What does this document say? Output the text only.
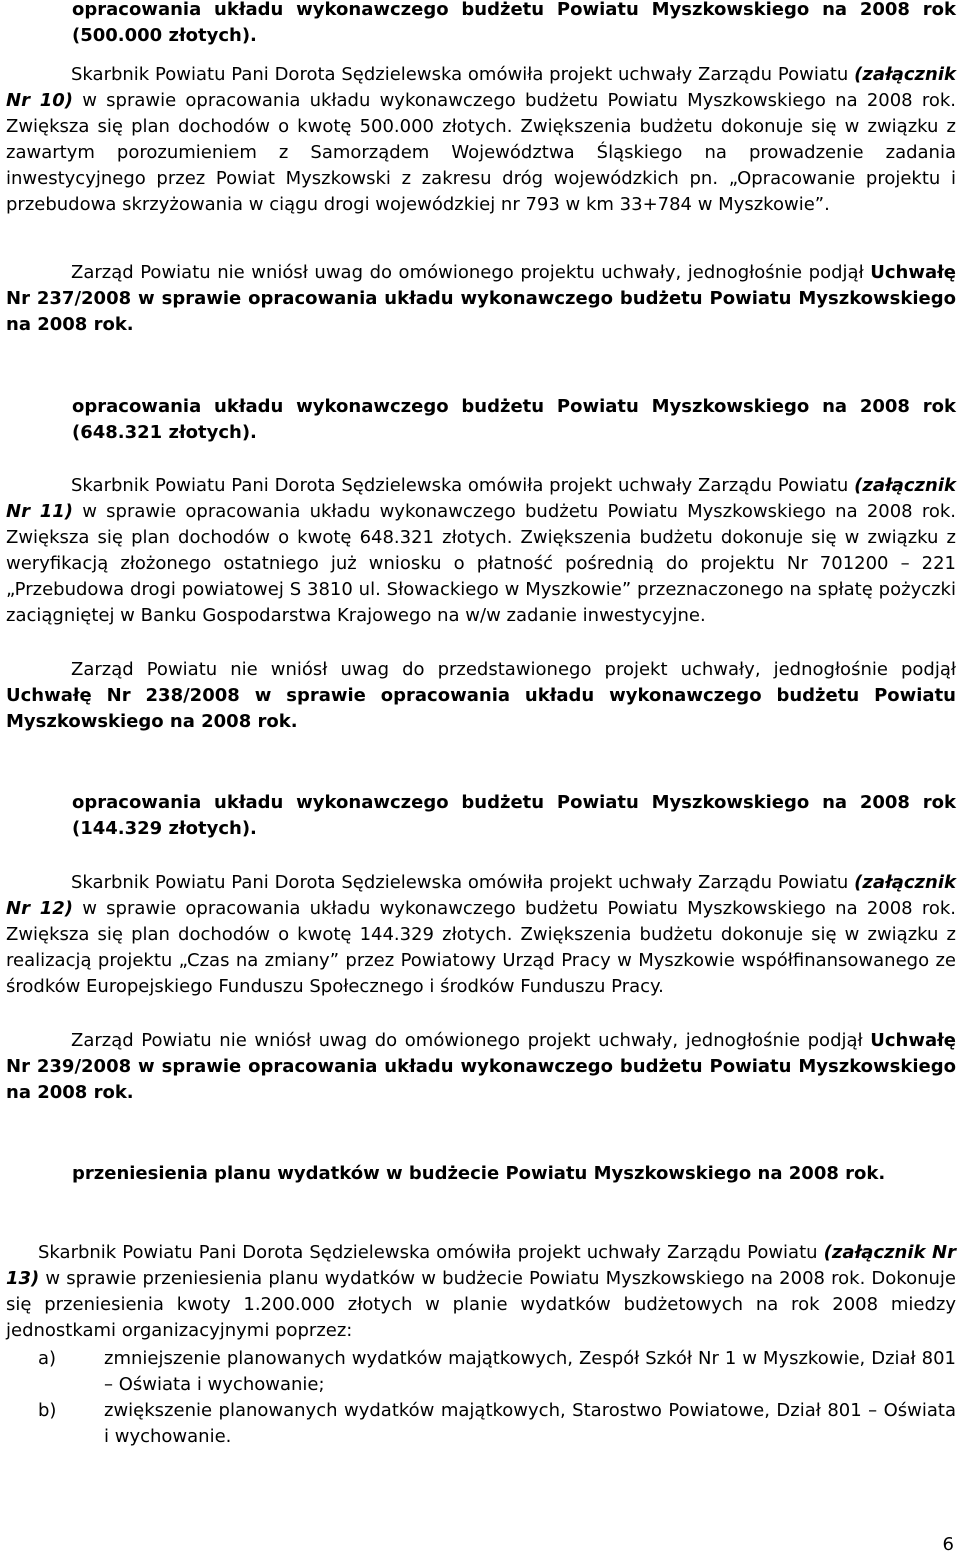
opracowania układu wykonawczego budżetu Powiatu Myszkowskiego na 2008 rok (500.000 złotych).
Skarbnik Powiatu Pani Dorota Sędzielewska omówiła projekt uchwały Zarządu Powiatu (załącznik Nr 10) w sprawie opracowania układu wykonawczego budżetu Powiatu Myszkowskiego na 2008 rok. Zwiększa się plan dochodów o kwotę 500.000 złotych. Zwiększenia budżetu dokonuje się w związku z zawartym porozumieniem z Samorządem Województwa Śląskiego na prowadzenie zadania inwestycyjnego przez Powiat Myszkowski z zakresu dróg wojewódzkich pn. „Opracowanie projektu i przebudowa skrzyżowania w ciągu drogi wojewódzkiej nr 793 w km 33+784 w Myszkowie”.
Zarząd Powiatu nie wniósł uwag do omówionego projektu uchwały, jednogłośnie podjął Uchwałę Nr 237/2008 w sprawie opracowania układu wykonawczego budżetu Powiatu Myszkowskiego na 2008 rok.
opracowania układu wykonawczego budżetu Powiatu Myszkowskiego na 2008 rok (648.321 złotych).
Skarbnik Powiatu Pani Dorota Sędzielewska omówiła projekt uchwały Zarządu Powiatu (załącznik Nr 11) w sprawie opracowania układu wykonawczego budżetu Powiatu Myszkowskiego na 2008 rok. Zwiększa się plan dochodów o kwotę 648.321 złotych. Zwiększenia budżetu dokonuje się w związku z weryfikacją złożonego ostatniego już wniosku o płatność pośrednią do projektu Nr 701200 – 221 „Przebudowa drogi powiatowej S 3810 ul. Słowackiego w Myszkowie” przeznaczonego na spłatę pożyczki zaciągniętej w Banku Gospodarstwa Krajowego na w/w zadanie inwestycyjne.
Zarząd Powiatu nie wniósł uwag do przedstawionego projekt uchwały, jednogłośnie podjął Uchwałę Nr 238/2008 w sprawie opracowania układu wykonawczego budżetu Powiatu Myszkowskiego na 2008 rok.
opracowania układu wykonawczego budżetu Powiatu Myszkowskiego na 2008 rok (144.329 złotych).
Skarbnik Powiatu Pani Dorota Sędzielewska omówiła projekt uchwały Zarządu Powiatu (załącznik Nr 12) w sprawie opracowania układu wykonawczego budżetu Powiatu Myszkowskiego na 2008 rok. Zwiększa się plan dochodów o kwotę 144.329 złotych. Zwiększenia budżetu dokonuje się w związku z realizacją projektu „Czas na zmiany” przez Powiatowy Urząd Pracy w Myszkowie współfinansowanego ze środków Europejskiego Funduszu Społecznego i środków Funduszu Pracy.
Zarząd Powiatu nie wniósł uwag do omówionego projekt uchwały, jednogłośnie podjął Uchwałę Nr 239/2008 w sprawie opracowania układu wykonawczego budżetu Powiatu Myszkowskiego na 2008 rok.
przeniesienia planu wydatków w budżecie Powiatu Myszkowskiego na 2008 rok.
Skarbnik Powiatu Pani Dorota Sędzielewska omówiła projekt uchwały Zarządu Powiatu (załącznik Nr 13) w sprawie przeniesienia planu wydatków w budżecie Powiatu Myszkowskiego na 2008 rok. Dokonuje się przeniesienia kwoty 1.200.000 złotych w planie wydatków budżetowych na rok 2008 miedzy jednostkami organizacyjnymi poprzez:
a)	zmniejszenie planowanych wydatków majątkowych, Zespół Szkół Nr 1 w Myszkowie, Dział 801 – Oświata i wychowanie;
b)	zwiększenie planowanych wydatków majątkowych, Starostwo Powiatowe, Dział 801 – Oświata i wychowanie.
6
